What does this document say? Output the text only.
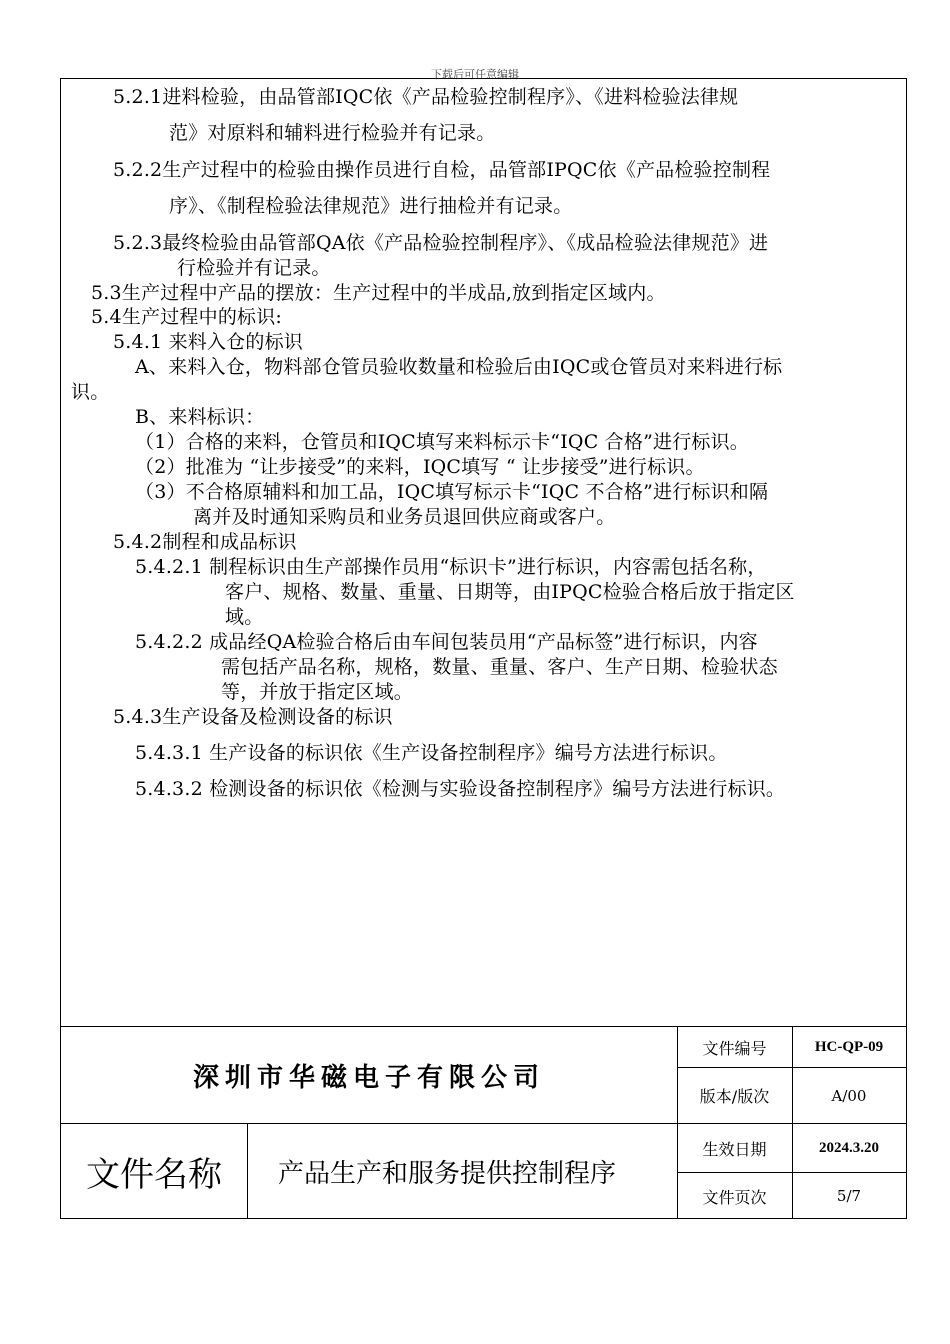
下载后可任意编辑
5.2.1进料检验，由品管部IQC依《产品检验控制程序》、《进料检验法律规
范》对原料和辅料进行检验并有记录。
5.2.2生产过程中的检验由操作员进行自检，品管部IPQC依《产品检验控制程
序》、《制程检验法律规范》进行抽检并有记录。
5.2.3最终检验由品管部QA依《产品检验控制程序》、《成品检验法律规范》进
行检验并有记录。
5.3生产过程中产品的摆放：生产过程中的半成品,放到指定区域内。
5.4生产过程中的标识:
5.4.1 来料入仓的标识
A、来料入仓，物料部仓管员验收数量和检验后由IQC或仓管员对来料进行标
识。
B、来料标识：
（1）合格的来料，仓管员和IQC填写来料标示卡“IQC 合格”进行标识。
（2）批准为 “让步接受”的来料，IQC填写 “ 让步接受”进行标识。
（3）不合格原辅料和加工品，IQC填写标示卡“IQC 不合格”进行标识和隔
离并及时通知采购员和业务员退回供应商或客户。
5.4.2制程和成品标识
5.4.2.1 制程标识由生产部操作员用“标识卡”进行标识，内容需包括名称，
客户、规格、数量、重量、日期等，由IPQC检验合格后放于指定区
域。
5.4.2.2 成品经QA检验合格后由车间包装员用“产品标签”进行标识，内容
需包括产品名称，规格，数量、重量、客户、生产日期、检验状态
等，并放于指定区域。
5.4.3生产设备及检测设备的标识
5.4.3.1 生产设备的标识依《生产设备控制程序》编号方法进行标识。
5.4.3.2 检测设备的标识依《检测与实验设备控制程序》编号方法进行标识。
深圳市华磁电子有限公司
文件编号	HC-QP-09
版本/版次	A/00
文件名称	产品生产和服务提供控制程序
生效日期	2024.3.20
文件页次	5/7
